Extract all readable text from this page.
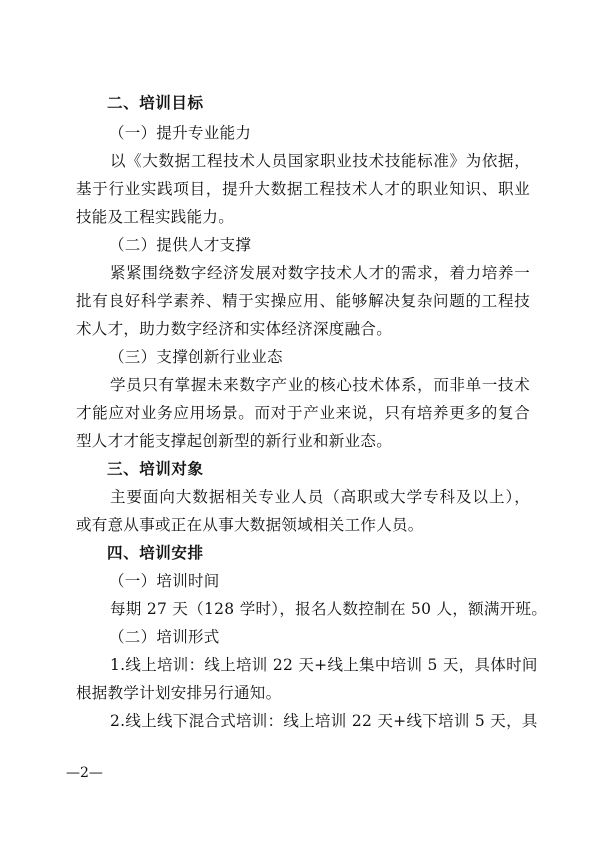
二、培训目标
（一）提升专业能力
以《大数据工程技术人员国家职业技术技能标准》为依据，
基于行业实践项目，提升大数据工程技术人才的职业知识、职业
技能及工程实践能力。
（二）提供人才支撑
紧紧围绕数字经济发展对数字技术人才的需求，着力培养一
批有良好科学素养、精于实操应用、能够解决复杂问题的工程技
术人才，助力数字经济和实体经济深度融合。
（三）支撑创新行业业态
学员只有掌握未来数字产业的核心技术体系，而非单一技术
才能应对业务应用场景。而对于产业来说，只有培养更多的复合
型人才才能支撑起创新型的新行业和新业态。
三、培训对象
主要面向大数据相关专业人员（高职或大学专科及以上），
或有意从事或正在从事大数据领域相关工作人员。
四、培训安排
（一）培训时间
每期 27 天（128 学时），报名人数控制在 50 人，额满开班。
（二）培训形式
1.线上培训：线上培训 22 天+线上集中培训 5 天，具体时间
根据教学计划安排另行通知。
2.线上线下混合式培训：线上培训 22 天+线下培训 5 天，具
—2—
